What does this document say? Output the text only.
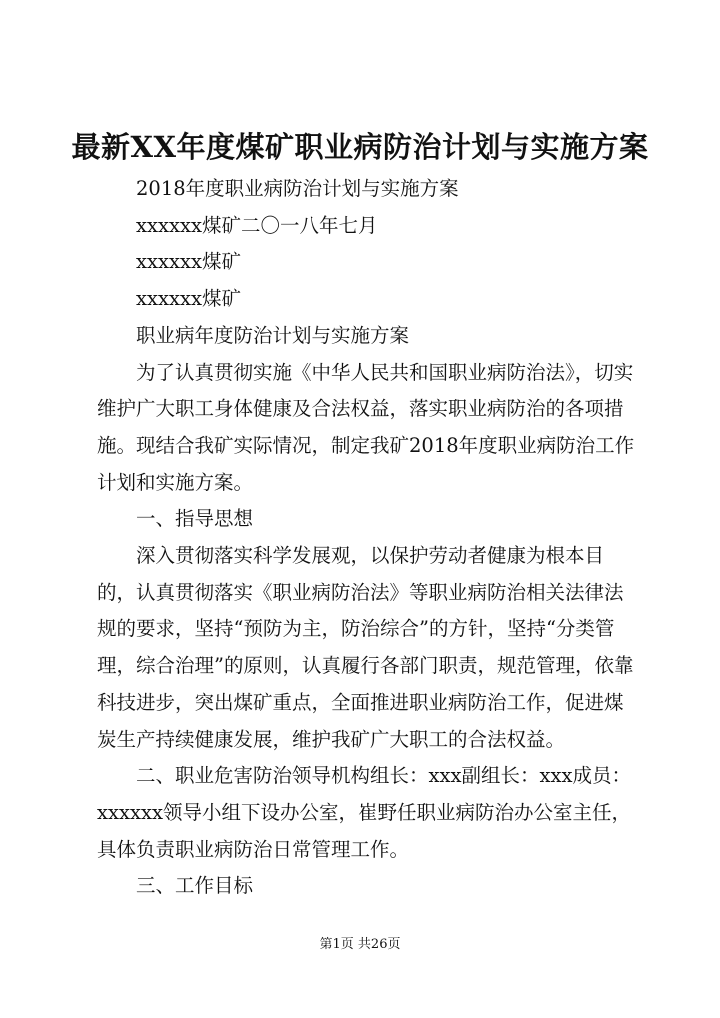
最新XX年度煤矿职业病防治计划与实施方案

2018年度职业病防治计划与实施方案

xxxxxx煤矿二〇一八年七月

xxxxxx煤矿

xxxxxx煤矿

职业病年度防治计划与实施方案

为了认真贯彻实施《中华人民共和国职业病防治法》，切实维护广大职工身体健康及合法权益，落实职业病防治的各项措施。现结合我矿实际情况，制定我矿2018年度职业病防治工作计划和实施方案。

一、指导思想

深入贯彻落实科学发展观，以保护劳动者健康为根本目的，认真贯彻落实《职业病防治法》等职业病防治相关法律法规的要求，坚持“预防为主，防治综合”的方针，坚持“分类管理，综合治理”的原则，认真履行各部门职责，规范管理，依靠科技进步，突出煤矿重点，全面推进职业病防治工作，促进煤炭生产持续健康发展，维护我矿广大职工的合法权益。

二、职业危害防治领导机构组长：xxx副组长：xxx成员：xxxxxx领导小组下设办公室，崔野任职业病防治办公室主任，具体负责职业病防治日常管理工作。

三、工作目标

第1页 共26页
